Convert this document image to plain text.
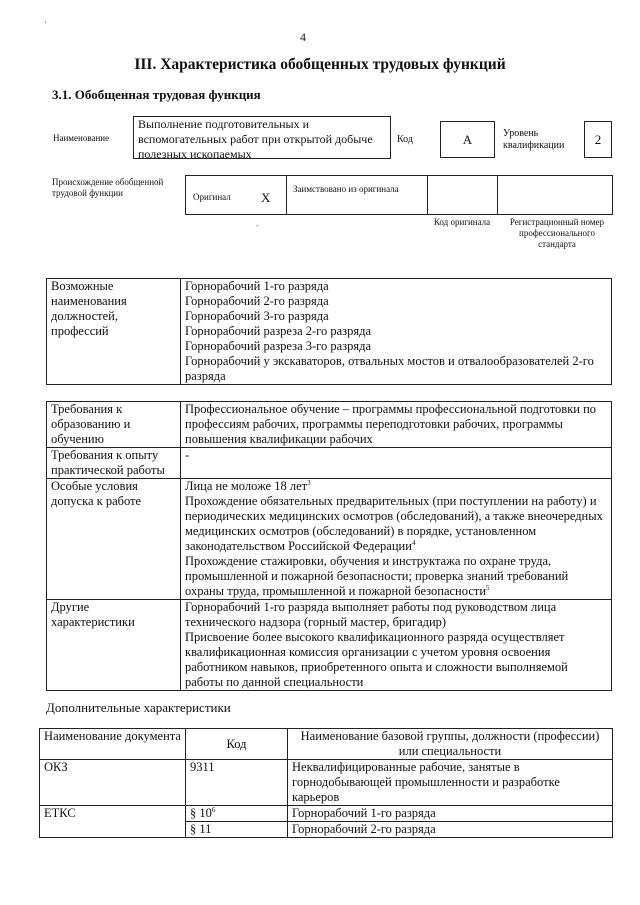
4
·
III. Характеристика обобщенных трудовых функций
3.1. Обобщенная трудовая функция
Наименование
Выполнение подготовительных и вспомогательных работ при открытой добыче полезных ископаемых
Код	А	Уровень квалификации	2
Происхождение обобщенной трудовой функции	Оригинал X
Заимствовано из оригинала
Код оригинала	Регистрационный номер профессионального стандарта
ˋ
Возможные наименования должностей, профессий	
Горнорабочий 1-го разряда
Горнорабочий 2-го разряда
Горнорабочий 3-го разряда
Горнорабочий разреза 2-го разряда
Горнорабочий разреза 3-го разряда
Горнорабочий у экскаваторов, отвальных мостов и отвалообразователей 2-го разряда
Требования к образованию и обучению	Профессиональное обучение – программы профессиональной подготовки по профессиям рабочих, программы переподготовки рабочих, программы повышения квалификации рабочих
Требования к опыту практической работы	-
Особые условия допуска к работе	Лица не моложе 18 лет$^3$
Прохождение обязательных предварительных (при поступлении на работу) и периодических медицинских осмотров (обследований), а также внеочередных медицинских осмотров (обследований) в порядке, установленном законодательством Российской Федерации$^4$
Прохождение стажировки, обучения и инструктажа по охране труда, промышленной и пожарной безопасности; проверка знаний требований охраны труда, промышленной и пожарной безопасности$^5$

Другие характеристики	Горнорабочий 1-го разряда выполняет работы под руководством лица технического надзора (горный мастер, бригадир)
Присвоение более высокого квалификационного разряда осуществляет квалификационная комиссия организации с учетом уровня освоения работником навыков, приобретенного опыта и сложности выполняемой работы по данной специальности
Дополнительные характеристики
Наименование документа	Код	Наименование базовой группы, должности (профессии) или специальности
ОКЗ	9311	Неквалифицированные рабочие, занятые в горнодобывающей промышленности и разработке карьеров
ЕТКС	§ $10^6$	Горнорабочий 1-го разряда
	§ 11	Горнорабочий 2-го разряда
